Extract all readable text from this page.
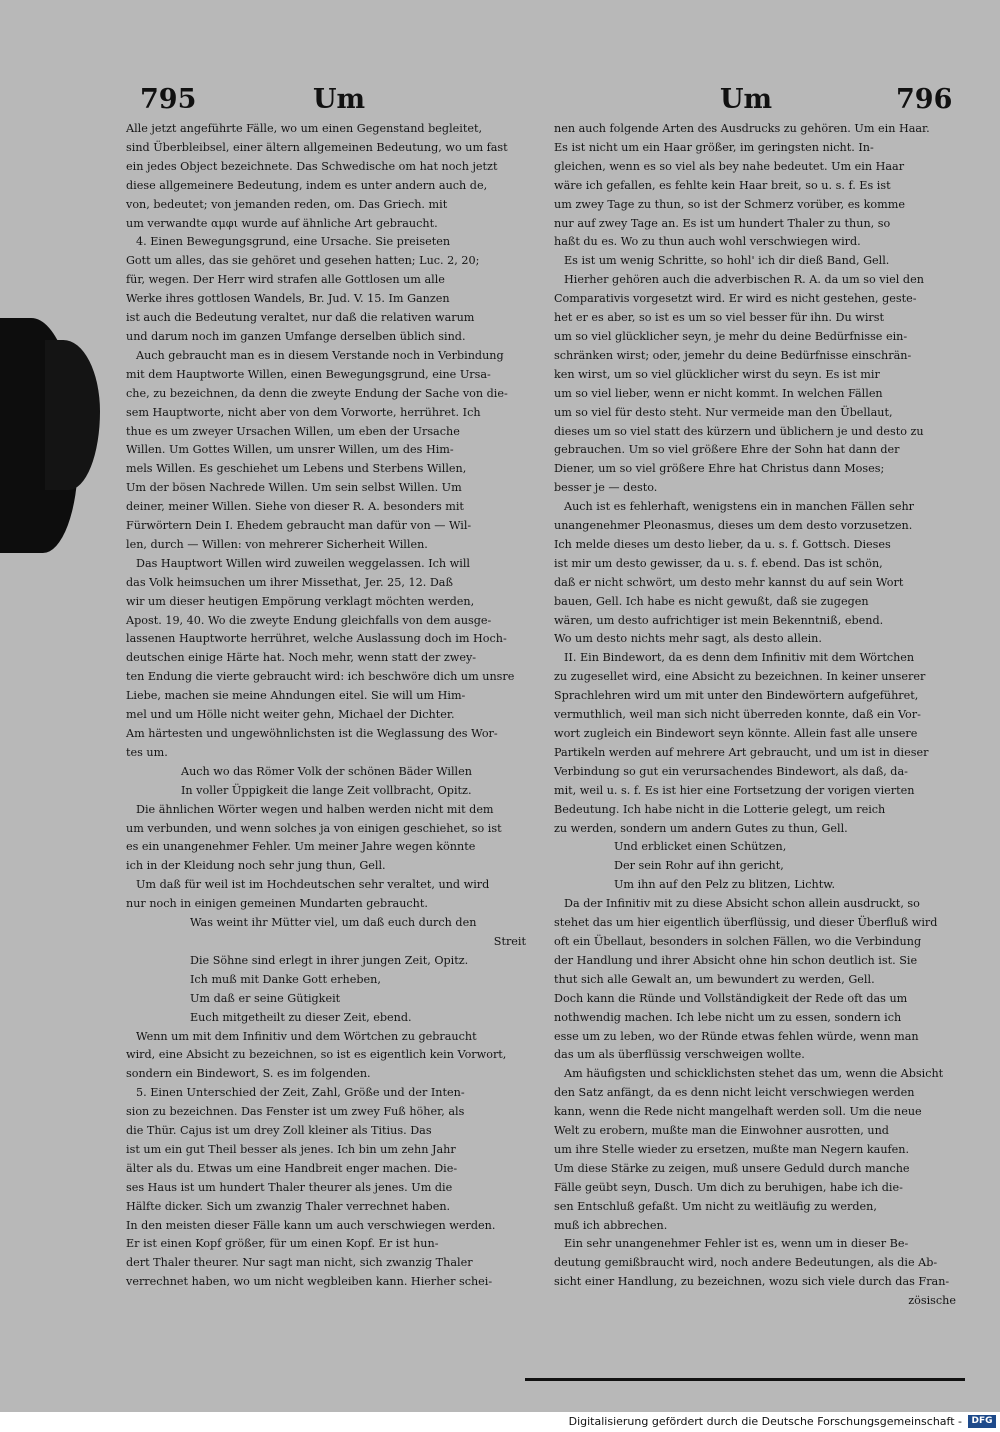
795	Um	Um	796
Alle jetzt angeführte Fälle, wo um einen Gegenstand begleitet,
sind Überbleibsel, einer ältern allgemeinen Bedeutung, wo um fast
ein jedes Object bezeichnete. Das Schwedische om hat noch jetzt
diese allgemeinere Bedeutung, indem es unter andern auch de,
von, bedeutet; von jemanden reden, om. Das Griech. mit
um verwandte αμφι wurde auf ähnliche Art gebraucht.
4. Einen Bewegungsgrund, eine Ursache. Sie preiseten
Gott um alles, das sie gehöret und gesehen hatten; Luc. 2, 20;
für, wegen. Der Herr wird strafen alle Gottlosen um alle
Werke ihres gottlosen Wandels, Br. Jud. V. 15. Im Ganzen
ist auch die Bedeutung veraltet, nur daß die relativen warum
und darum noch im ganzen Umfange derselben üblich sind.
Auch gebraucht man es in diesem Verstande noch in Verbindung
mit dem Hauptworte Willen, einen Bewegungsgrund, eine Ursa-
che, zu bezeichnen, da denn die zweyte Endung der Sache von die-
sem Hauptworte, nicht aber von dem Vorworte, herrühret. Ich
thue es um zweyer Ursachen Willen, um eben der Ursache
Willen. Um Gottes Willen, um unsrer Willen, um des Him-
mels Willen. Es geschiehet um Lebens und Sterbens Willen,
Um der bösen Nachrede Willen. Um sein selbst Willen. Um
deiner, meiner Willen. Siehe von dieser R. A. besonders mit
Fürwörtern Dein I. Ehedem gebraucht man dafür von — Wil-
len, durch — Willen: von mehrerer Sicherheit Willen.
Das Hauptwort Willen wird zuweilen weggelassen. Ich will
das Volk heimsuchen um ihrer Missethat, Jer. 25, 12. Daß
wir um dieser heutigen Empörung verklagt möchten werden,
Apost. 19, 40. Wo die zweyte Endung gleichfalls von dem ausge-
lassenen Hauptworte herrühret, welche Auslassung doch im Hoch-
deutschen einige Härte hat. Noch mehr, wenn statt der zwey-
ten Endung die vierte gebraucht wird: ich beschwöre dich um unsre
Liebe, machen sie meine Ahndungen eitel. Sie will um Him-
mel und um Hölle nicht weiter gehn, Michael der Dichter.
Am härtesten und ungewöhnlichsten ist die Weglassung des Wor-
tes um.
Auch wo das Römer Volk der schönen Bäder Willen
In voller Üppigkeit die lange Zeit vollbracht, Opitz.
Die ähnlichen Wörter wegen und halben werden nicht mit dem
um verbunden, und wenn solches ja von einigen geschiehet, so ist
es ein unangenehmer Fehler. Um meiner Jahre wegen könnte
ich in der Kleidung noch sehr jung thun, Gell.
Um daß für weil ist im Hochdeutschen sehr veraltet, und wird
nur noch in einigen gemeinen Mundarten gebraucht.
Was weint ihr Mütter viel, um daß euch durch den
Streit
Die Söhne sind erlegt in ihrer jungen Zeit, Opitz.
Ich muß mit Danke Gott erheben,
Um daß er seine Gütigkeit
Euch mitgetheilt zu dieser Zeit, ebend.
Wenn um mit dem Infinitiv und dem Wörtchen zu gebraucht
wird, eine Absicht zu bezeichnen, so ist es eigentlich kein Vorwort,
sondern ein Bindewort, S. es im folgenden.
5. Einen Unterschied der Zeit, Zahl, Größe und der Inten-
sion zu bezeichnen. Das Fenster ist um zwey Fuß höher, als
die Thür. Cajus ist um drey Zoll kleiner als Titius. Das
ist um ein gut Theil besser als jenes. Ich bin um zehn Jahr
älter als du. Etwas um eine Handbreit enger machen. Die-
ses Haus ist um hundert Thaler theurer als jenes. Um die
Hälfte dicker. Sich um zwanzig Thaler verrechnet haben.
In den meisten dieser Fälle kann um auch verschwiegen werden.
Er ist einen Kopf größer, für um einen Kopf. Er ist hun-
dert Thaler theurer. Nur sagt man nicht, sich zwanzig Thaler
verrechnet haben, wo um nicht wegbleiben kann. Hierher schei-
nen auch folgende Arten des Ausdrucks zu gehören. Um ein Haar.
Es ist nicht um ein Haar größer, im geringsten nicht. In-
gleichen, wenn es so viel als bey nahe bedeutet. Um ein Haar
wäre ich gefallen, es fehlte kein Haar breit, so u. s. f. Es ist
um zwey Tage zu thun, so ist der Schmerz vorüber, es komme
nur auf zwey Tage an. Es ist um hundert Thaler zu thun, so
haßt du es. Wo zu thun auch wohl verschwiegen wird.
Es ist um wenig Schritte, so hohl' ich dir dieß Band, Gell.
Hierher gehören auch die adverbischen R. A. da um so viel den
Comparativis vorgesetzt wird. Er wird es nicht gestehen, geste-
het er es aber, so ist es um so viel besser für ihn. Du wirst
um so viel glücklicher seyn, je mehr du deine Bedürfnisse ein-
schränken wirst; oder, jemehr du deine Bedürfnisse einschrän-
ken wirst, um so viel glücklicher wirst du seyn. Es ist mir
um so viel lieber, wenn er nicht kommt. In welchen Fällen
um so viel für desto steht. Nur vermeide man den Übellaut,
dieses um so viel statt des kürzern und üblichern je und desto zu
gebrauchen. Um so viel größere Ehre der Sohn hat dann der
Diener, um so viel größere Ehre hat Christus dann Moses;
besser je — desto.
Auch ist es fehlerhaft, wenigstens ein in manchen Fällen sehr
unangenehmer Pleonasmus, dieses um dem desto vorzusetzen.
Ich melde dieses um desto lieber, da u. s. f. Gottsch. Dieses
ist mir um desto gewisser, da u. s. f. ebend. Das ist schön,
daß er nicht schwört, um desto mehr kannst du auf sein Wort
bauen, Gell. Ich habe es nicht gewußt, daß sie zugegen
wären, um desto aufrichtiger ist mein Bekenntniß, ebend.
Wo um desto nichts mehr sagt, als desto allein.
II. Ein Bindewort, da es denn dem Infinitiv mit dem Wörtchen
zu zugesellet wird, eine Absicht zu bezeichnen. In keiner unserer
Sprachlehren wird um mit unter den Bindewörtern aufgeführet,
vermuthlich, weil man sich nicht überreden konnte, daß ein Vor-
wort zugleich ein Bindewort seyn könnte. Allein fast alle unsere
Partikeln werden auf mehrere Art gebraucht, und um ist in dieser
Verbindung so gut ein verursachendes Bindewort, als daß, da-
mit, weil u. s. f. Es ist hier eine Fortsetzung der vorigen vierten
Bedeutung. Ich habe nicht in die Lotterie gelegt, um reich
zu werden, sondern um andern Gutes zu thun, Gell.
Und erblicket einen Schützen,
Der sein Rohr auf ihn gericht,
Um ihn auf den Pelz zu blitzen, Lichtw.
Da der Infinitiv mit zu diese Absicht schon allein ausdruckt, so
stehet das um hier eigentlich überflüssig, und dieser Überfluß wird
oft ein Übellaut, besonders in solchen Fällen, wo die Verbindung
der Handlung und ihrer Absicht ohne hin schon deutlich ist. Sie
thut sich alle Gewalt an, um bewundert zu werden, Gell.
Doch kann die Ründe und Vollständigkeit der Rede oft das um
nothwendig machen. Ich lebe nicht um zu essen, sondern ich
esse um zu leben, wo der Ründe etwas fehlen würde, wenn man
das um als überflüssig verschweigen wollte.
Am häufigsten und schicklichsten stehet das um, wenn die Absicht
den Satz anfängt, da es denn nicht leicht verschwiegen werden
kann, wenn die Rede nicht mangelhaft werden soll. Um die neue
Welt zu erobern, mußte man die Einwohner ausrotten, und
um ihre Stelle wieder zu ersetzen, mußte man Negern kaufen.
Um diese Stärke zu zeigen, muß unsere Geduld durch manche
Fälle geübt seyn, Dusch. Um dich zu beruhigen, habe ich die-
sen Entschluß gefaßt. Um nicht zu weitläufig zu werden,
muß ich abbrechen.
Ein sehr unangenehmer Fehler ist es, wenn um in dieser Be-
deutung gemißbraucht wird, noch andere Bedeutungen, als die Ab-
sicht einer Handlung, zu bezeichnen, wozu sich viele durch das Fran-
zösische
Digitalisierung gefördert durch die Deutsche Forschungsgemeinschaft -	DFG
